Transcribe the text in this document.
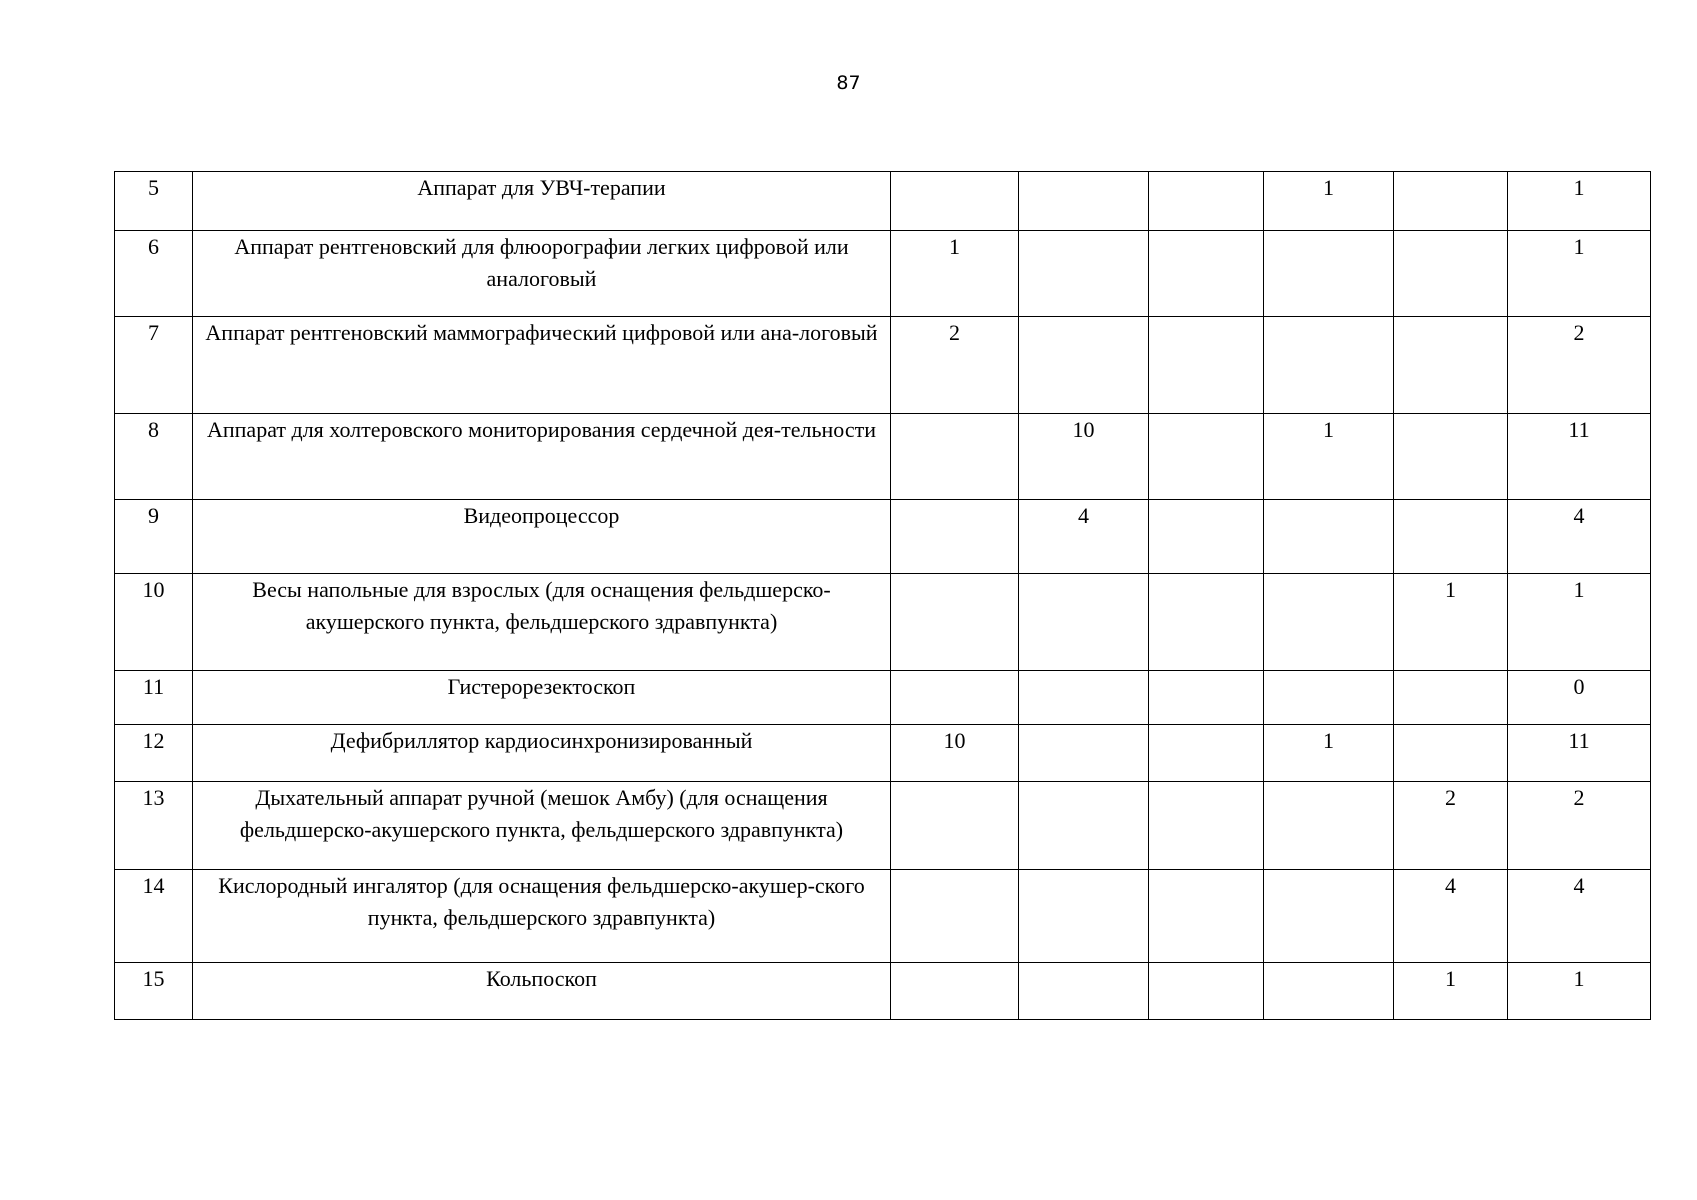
87
5	Аппарат для УВЧ-терапии				1		1
6	Аппарат рентгеновский для флюорографии легких цифровой или аналоговый	1					1
7	Аппарат рентгеновский маммографический цифровой или ана-логовый	2					2
8	Аппарат для холтеровского мониторирования сердечной дея-тельности		10		1		11
9	Видеопроцессор		4				4
10	Весы напольные для взрослых (для оснащения фельдшерско-акушерского пункта, фельдшерского здравпункта)					1	1
11	Гистерорезектоскоп						0
12	Дефибриллятор кардиосинхронизированный	10			1		11
13	Дыхательный аппарат ручной (мешок Амбу) (для оснащения фельдшерско-акушерского пункта, фельдшерского здравпункта)					2	2
14	Кислородный ингалятор (для оснащения фельдшерско-акушер-ского пункта, фельдшерского здравпункта)					4	4
15	Кольпоскоп					1	1
